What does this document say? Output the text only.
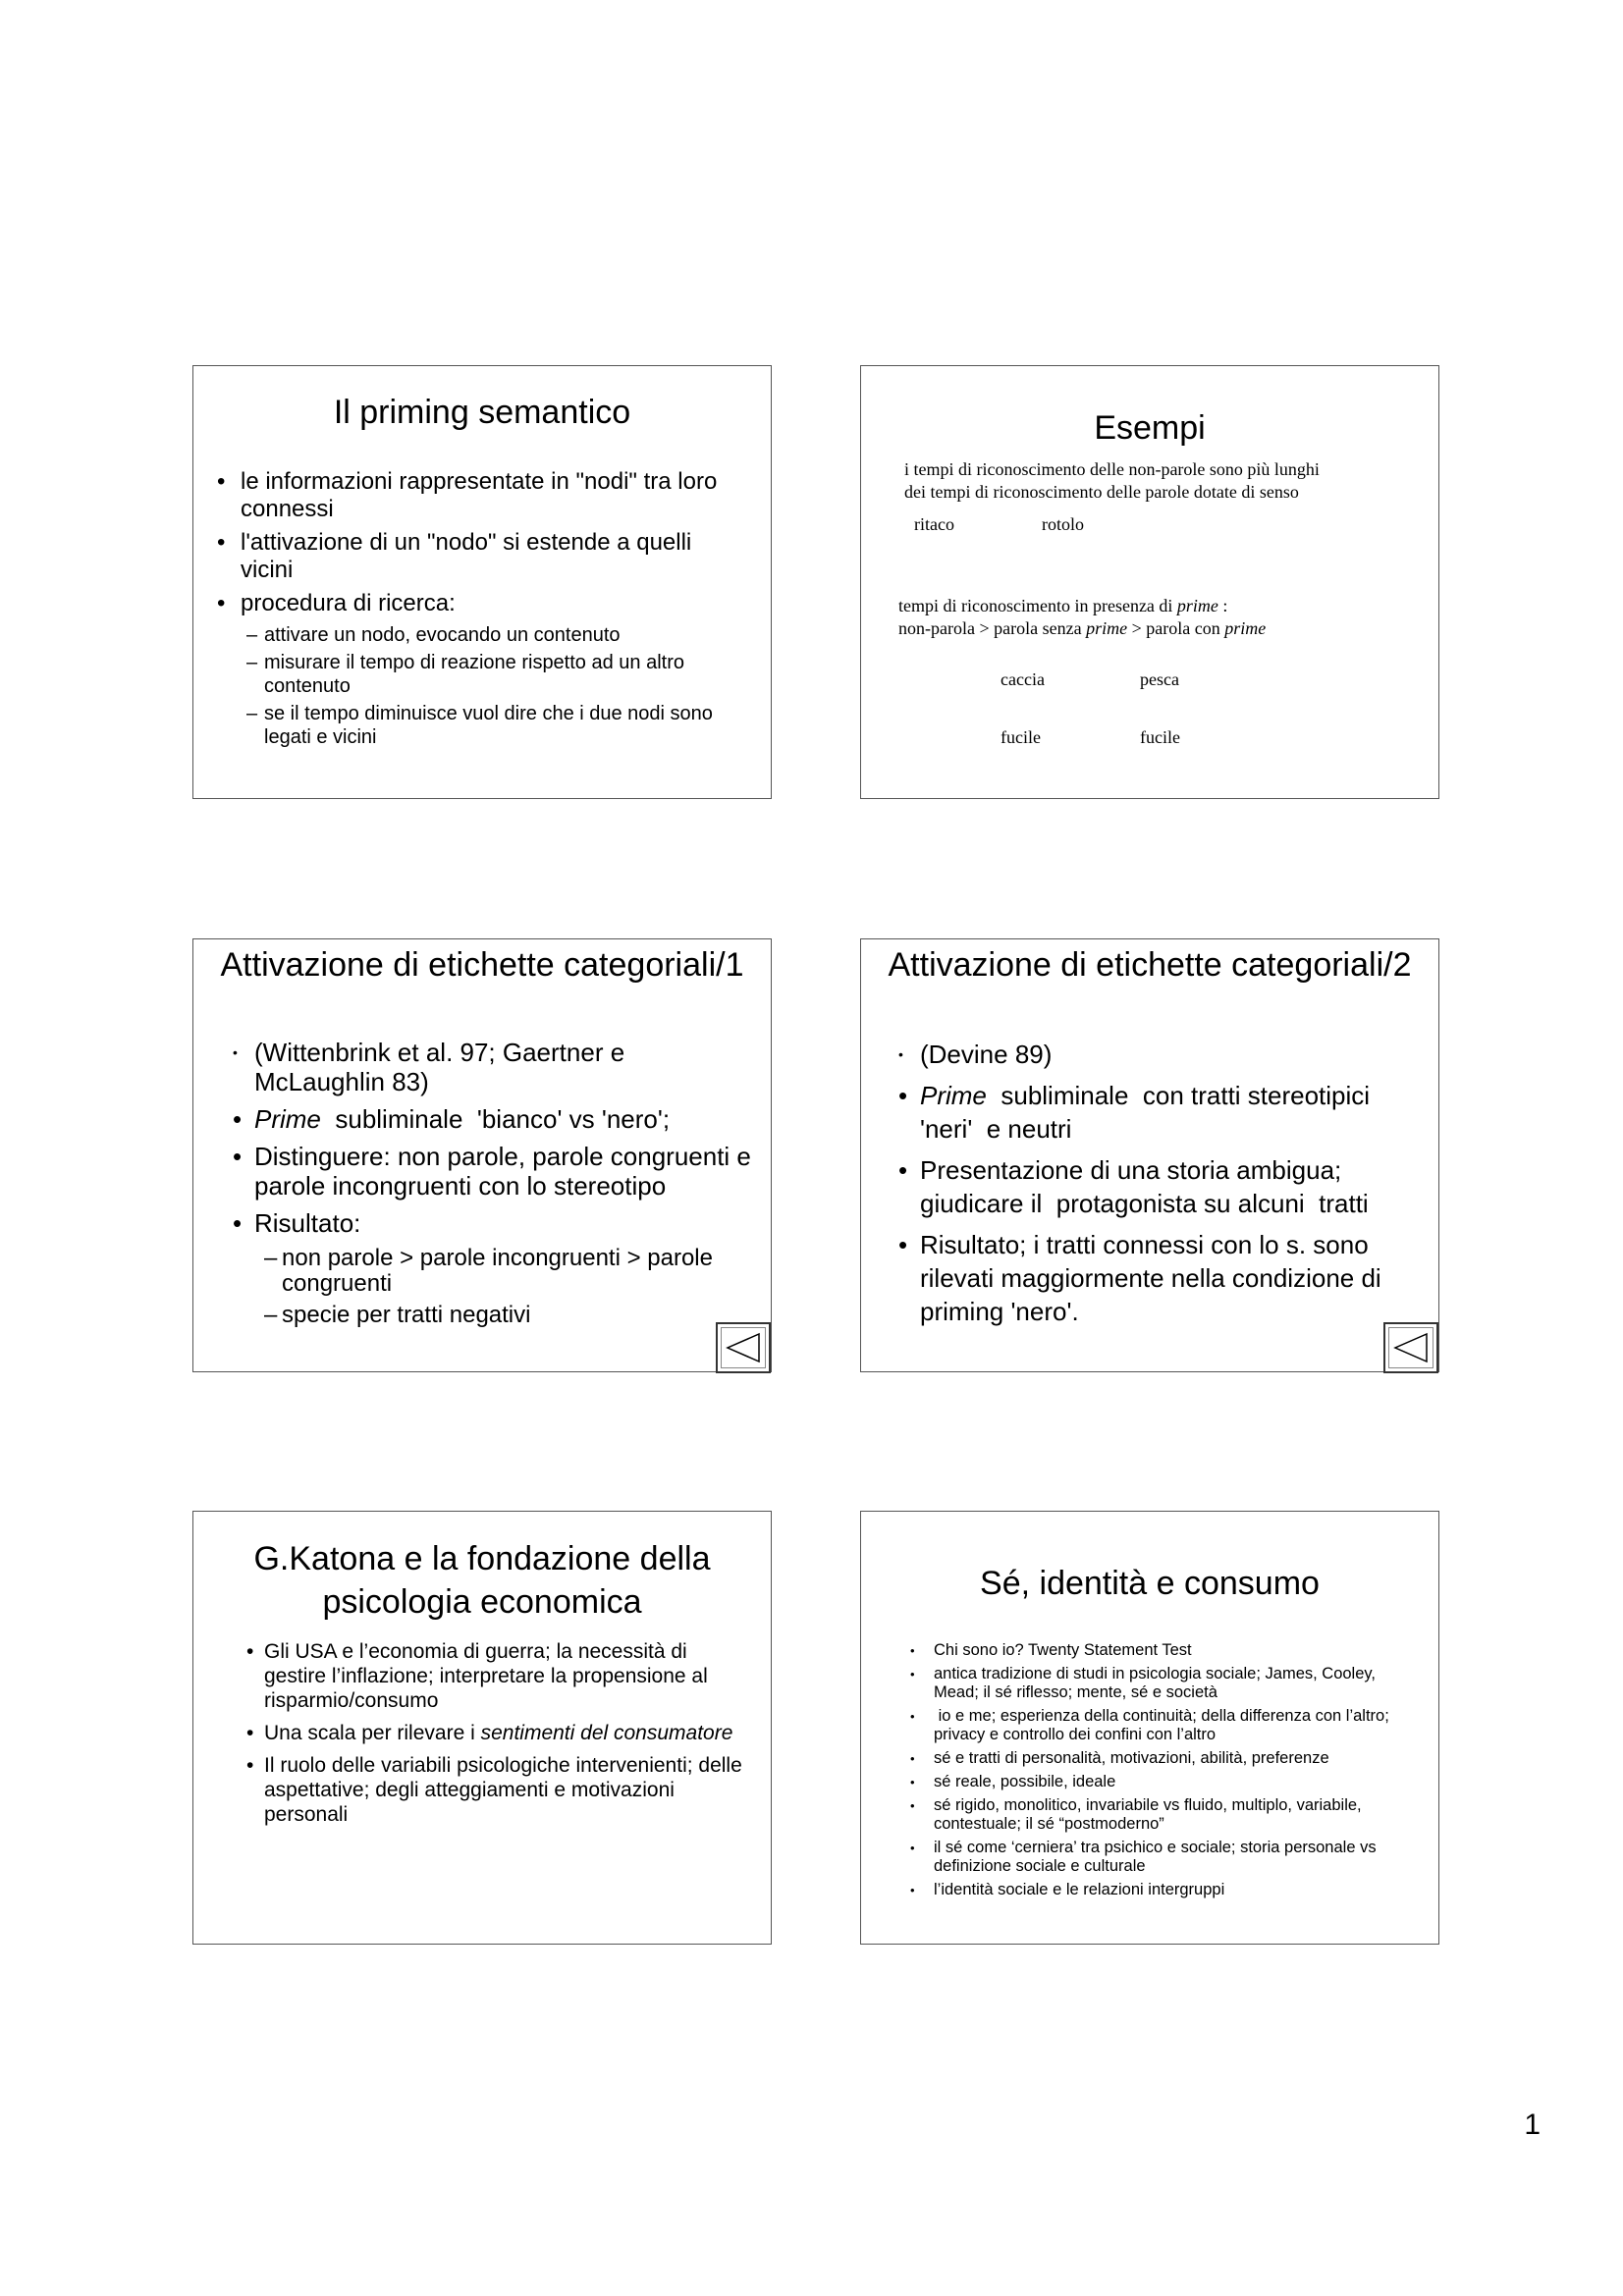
Il priming semantico
• le informazioni rappresentate in "nodi" tra loro connessi
• l'attivazione di un "nodo" si estende a quelli vicini
• procedura di ricerca:
– attivare un nodo, evocando un contenuto
– misurare il tempo di reazione rispetto ad un altro contenuto
– se il tempo diminuisce vuol dire che i due nodi sono legati e vicini
Esempi
i tempi di riconoscimento delle non-parole sono più lunghi
dei tempi di riconoscimento delle parole dotate di senso
ritaco	rotolo
tempi di riconoscimento in presenza di prime :
non-parola > parola senza prime > parola con prime
caccia	pesca
fucile	fucile
Attivazione di etichette categoriali/1
• (Wittenbrink et al. 97; Gaertner e McLaughlin 83)
• Prime  subliminale  'bianco' vs 'nero';
• Distinguere: non parole, parole congruenti e parole incongruenti con lo stereotipo
• Risultato:
– non parole > parole incongruenti > parole congruenti
– specie per tratti negativi
Attivazione di etichette categoriali/2
• (Devine 89)
• Prime  subliminale  con tratti stereotipici 'neri'  e neutri
• Presentazione di una storia ambigua; giudicare il  protagonista su alcuni  tratti
• Risultato; i tratti connessi con lo s. sono rilevati maggiormente nella condizione di priming 'nero'.
G.Katona e la fondazione della psicologia economica
• Gli USA e l’economia di guerra; la necessità di gestire l’inflazione; interpretare la propensione al risparmio/consumo
• Una scala per rilevare i sentimenti del consumatore
• Il ruolo delle variabili psicologiche intervenienti; delle aspettative; degli atteggiamenti e motivazioni personali
Sé, identità e consumo
• Chi sono io? Twenty Statement Test
• antica tradizione di studi in psicologia sociale; James, Cooley, Mead; il sé riflesso; mente, sé e società
•  io e me; esperienza della continuità; della differenza con l’altro; privacy e controllo dei confini con l’altro
• sé e tratti di personalità, motivazioni, abilità, preferenze
• sé reale, possibile, ideale
• sé rigido, monolitico, invariabile vs fluido, multiplo, variabile, contestuale; il sé “postmoderno”
• il sé come ‘cerniera’ tra psichico e sociale; storia personale vs definizione sociale e culturale
• l’identità sociale e le relazioni intergruppi
1
